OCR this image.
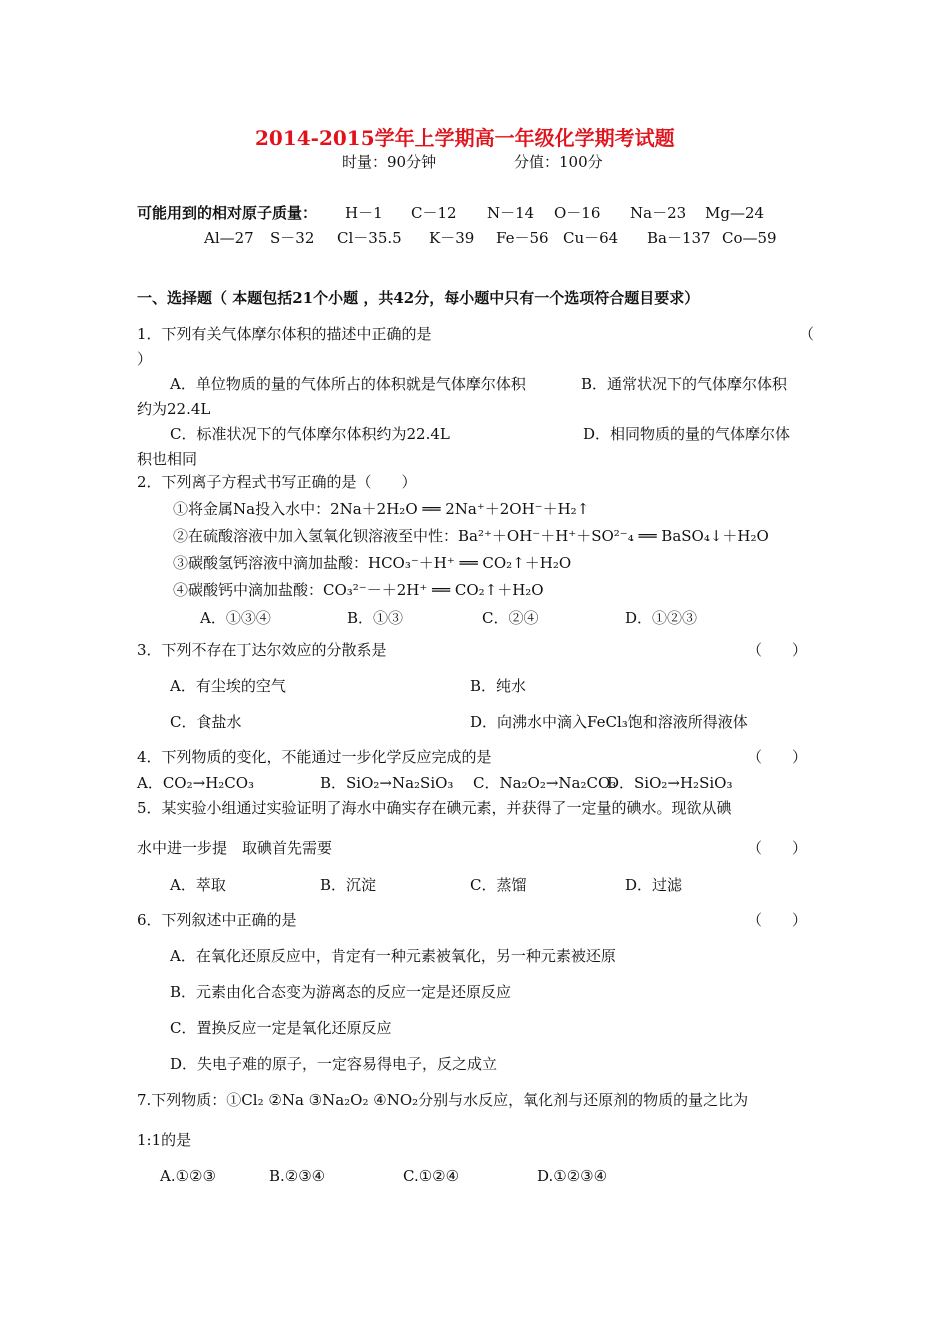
2014-2015学年上学期高一年级化学期考试题
时量：90分钟	分值：100分
可能用到的相对原子质量： H－1 C－12 N－14 O－16 Na－23 Mg—24
Al—27 S－32 Cl－35.5 K－39 Fe－56 Cu－64 Ba－137 Co—59
一、选择题（ 本题包括21个小题 ，共42分，每小题中只有一个选项符合题目要求）
1．下列有关气体摩尔体积的描述中正确的是	（
）
A．单位物质的量的气体所占的体积就是气体摩尔体积	B．通常状况下的气体摩尔体积
约为22.4L
C．标准状况下的气体摩尔体积约为22.4L	D．相同物质的量的气体摩尔体
积也相同
2．下列离子方程式书写正确的是（　　）
①将金属Na投入水中：2Na＋2H₂O ══ 2Na⁺＋2OH⁻＋H₂↑
②在硫酸溶液中加入氢氧化钡溶液至中性：Ba²⁺＋OH⁻＋H⁺＋SO²⁻₄ ══ BaSO₄↓＋H₂O
③碳酸氢钙溶液中滴加盐酸：HCO₃⁻＋H⁺ ══ CO₂↑＋H₂O
④碳酸钙中滴加盐酸：CO₃²⁻－＋2H⁺ ══ CO₂↑＋H₂O
A．①③④	B．①③	C．②④	D．①②③
3．下列不存在丁达尔效应的分散系是	（　　）
A．有尘埃的空气	B．纯水
C．食盐水	D．向沸水中滴入FeCl₃饱和溶液所得液体
4．下列物质的变化，不能通过一步化学反应完成的是	（　　）
A．CO₂→H₂CO₃	B．SiO₂→Na₂SiO₃ C．Na₂O₂→Na₂CO₃
D．SiO₂→H₂SiO₃
5．某实验小组通过实验证明了海水中确实存在碘元素，并获得了一定量的碘水。现欲从碘
水中进一步提　取碘首先需要	（　　）
A．萃取	B．沉淀	C．蒸馏	D．过滤
6．下列叙述中正确的是	（　　）
A．在氧化还原反应中，肯定有一种元素被氧化，另一种元素被还原
B．元素由化合态变为游离态的反应一定是还原反应
C．置换反应一定是氧化还原反应
D．失电子难的原子，一定容易得电子，反之成立
7.下列物质：①Cl₂ ②Na ③Na₂O₂ ④NO₂分别与水反应，氧化剂与还原剂的物质的量之比为
1:1的是
A.①②③	B.②③④	C.①②④	D.①②③④
